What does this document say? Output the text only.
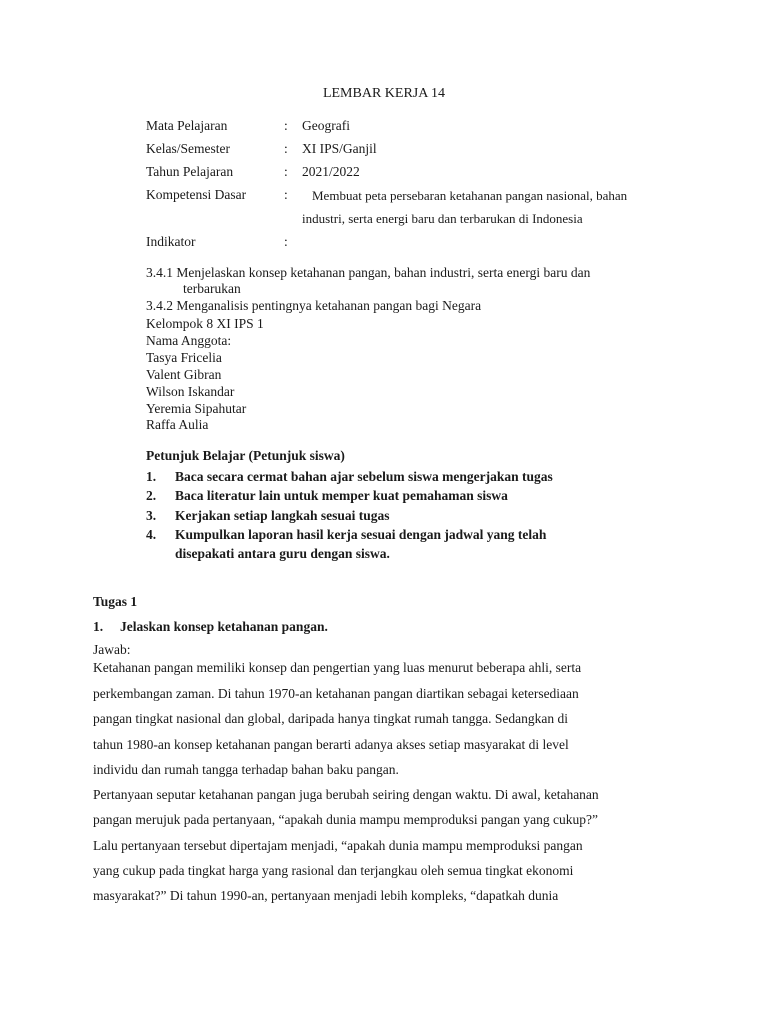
LEMBAR KERJA 14
Mata Pelajaran	: Geografi
Kelas/Semester	: XI IPS/Ganjil
Tahun Pelajaran	: 2021/2022
Kompetensi Dasar	: Membuat peta persebaran ketahanan pangan nasional, bahan
industri, serta energi baru dan terbarukan di Indonesia
Indikator	:
3.4.1 Menjelaskan konsep ketahanan pangan, bahan industri, serta energi baru dan
terbarukan
3.4.2 Menganalisis pentingnya ketahanan pangan bagi Negara
Kelompok 8 XI IPS 1
Nama Anggota:
Tasya Fricelia
Valent Gibran
Wilson Iskandar
Yeremia Sipahutar
Raffa Aulia
Petunjuk Belajar (Petunjuk siswa)
1. Baca secara cermat bahan ajar sebelum siswa mengerjakan tugas
2. Baca literatur lain untuk memper kuat pemahaman siswa
3. Kerjakan setiap langkah sesuai tugas
4. Kumpulkan laporan hasil kerja sesuai dengan jadwal yang telah
disepakati antara guru dengan siswa.
Tugas 1
1. Jelaskan konsep ketahanan pangan.
Jawab:
Ketahanan pangan memiliki konsep dan pengertian yang luas menurut beberapa ahli, serta
perkembangan zaman. Di tahun 1970-an ketahanan pangan diartikan sebagai ketersediaan
pangan tingkat nasional dan global, daripada hanya tingkat rumah tangga. Sedangkan di
tahun 1980-an konsep ketahanan pangan berarti adanya akses setiap masyarakat di level
individu dan rumah tangga terhadap bahan baku pangan.
Pertanyaan seputar ketahanan pangan juga berubah seiring dengan waktu. Di awal, ketahanan
pangan merujuk pada pertanyaan, “apakah dunia mampu memproduksi pangan yang cukup?”
Lalu pertanyaan tersebut dipertajam menjadi, “apakah dunia mampu memproduksi pangan
yang cukup pada tingkat harga yang rasional dan terjangkau oleh semua tingkat ekonomi
masyarakat?” Di tahun 1990-an, pertanyaan menjadi lebih kompleks, “dapatkah dunia
